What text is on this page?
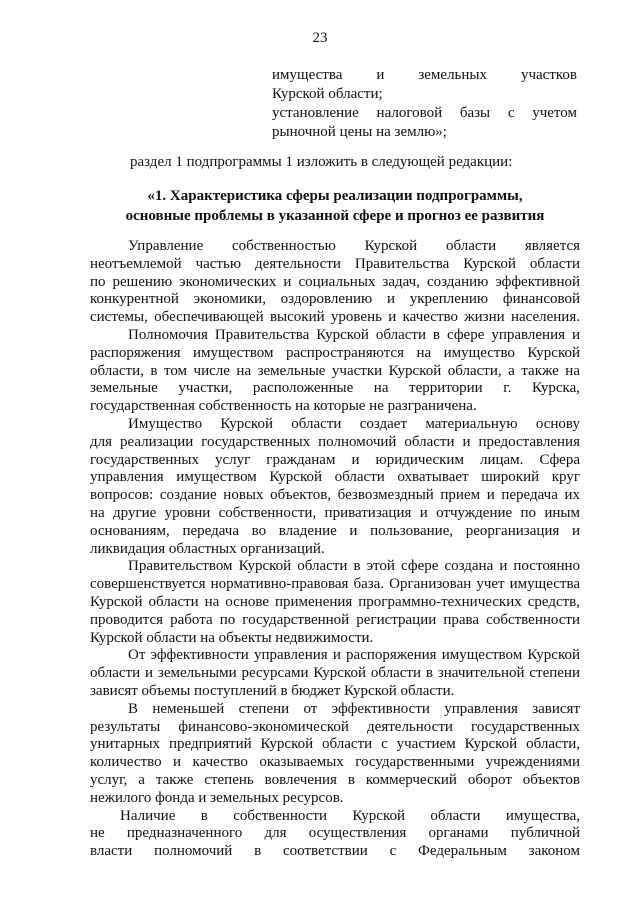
23
имущества и земельных участков
Курской области;
установление налоговой базы с учетом
рыночной цены на землю»;
раздел 1 подпрограммы 1 изложить в следующей редакции:
«1. Характеристика сферы реализации подпрограммы,
основные проблемы в указанной сфере и прогноз ее развития
Управление собственностью Курской области является
неотъемлемой частью деятельности Правительства Курской области
по решению экономических и социальных задач, созданию эффективной
конкурентной экономики, оздоровлению и укреплению финансовой
системы, обеспечивающей высокий уровень и качество жизни населения.
Полномочия Правительства Курской области в сфере управления и
распоряжения имуществом распространяются на имущество Курской
области, в том числе на земельные участки Курской области, а также на
земельные участки, расположенные на территории г. Курска,
государственная собственность на которые не разграничена.
Имущество Курской области создает материальную основу
для реализации государственных полномочий области и предоставления
государственных услуг гражданам и юридическим лицам. Сфера
управления имуществом Курской области охватывает широкий круг
вопросов: создание новых объектов, безвозмездный прием и передача их
на другие уровни собственности, приватизация и отчуждение по иным
основаниям, передача во владение и пользование, реорганизация и
ликвидация областных организаций.
Правительством Курской области в этой сфере создана и постоянно
совершенствуется нормативно-правовая база. Организован учет имущества
Курской области на основе применения программно-технических средств,
проводится работа по государственной регистрации права собственности
Курской области на объекты недвижимости.
От эффективности управления и распоряжения имуществом Курской
области и земельными ресурсами Курской области в значительной степени
зависят объемы поступлений в бюджет Курской области.
В неменьшей степени от эффективности управления зависят
результаты финансово-экономической деятельности государственных
унитарных предприятий Курской области с участием Курской области,
количество и качество оказываемых государственными учреждениями
услуг, а также степень вовлечения в коммерческий оборот объектов
нежилого фонда и земельных ресурсов.
Наличие в собственности Курской области имущества,
не предназначенного для осуществления органами публичной
власти полномочий в соответствии с Федеральным законом
